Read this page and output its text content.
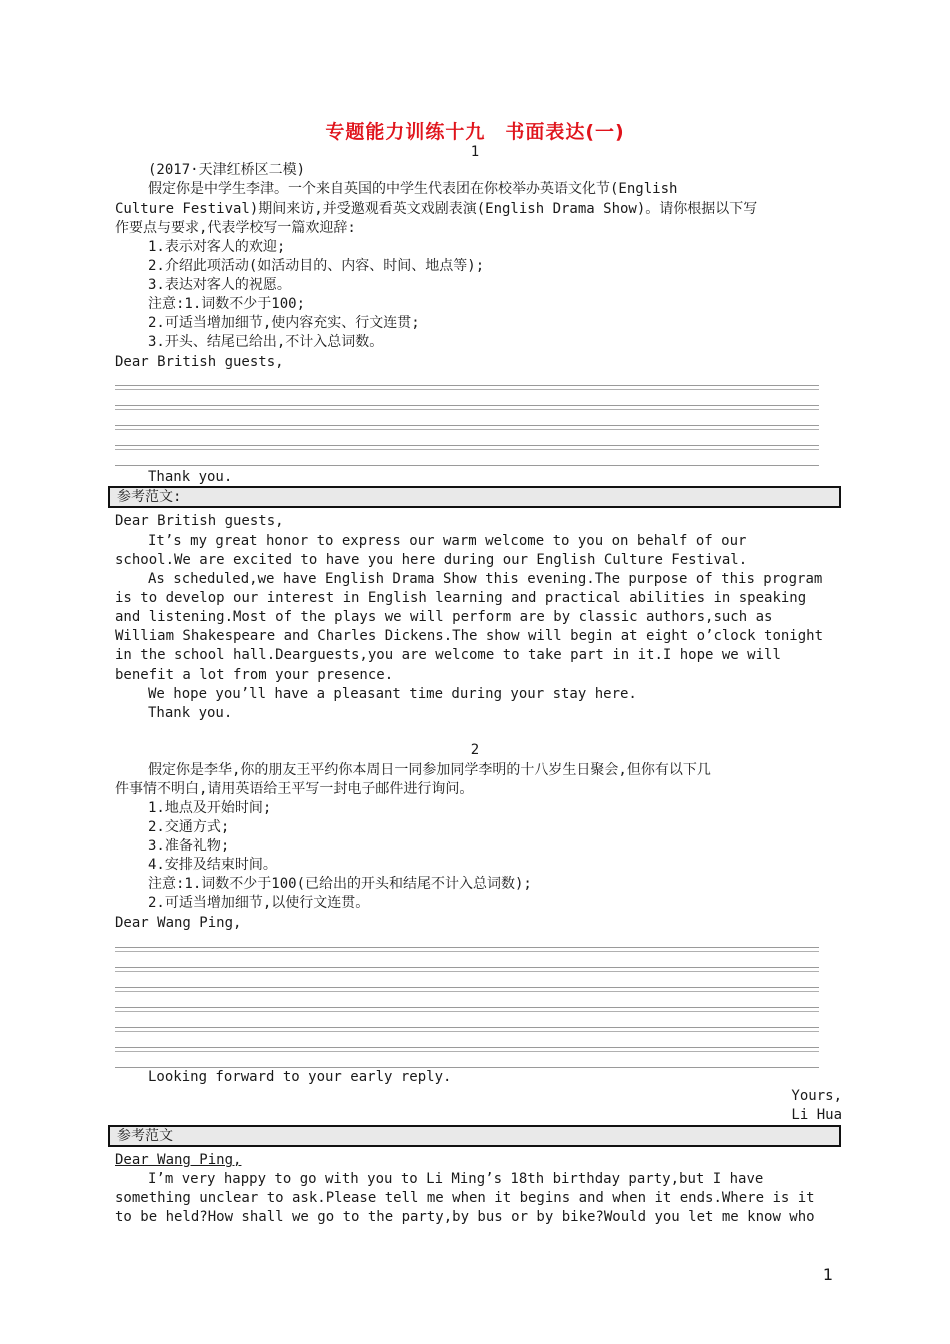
专题能力训练十九　书面表达(一)
1
(2017·天津红桥区二模)
假定你是中学生李津。一个来自英国的中学生代表团在你校举办英语文化节(English
Culture Festival)期间来访,并受邀观看英文戏剧表演(English Drama Show)。请你根据以下写
作要点与要求,代表学校写一篇欢迎辞:
1.表示对客人的欢迎;
2.介绍此项活动(如活动目的、内容、时间、地点等);
3.表达对客人的祝愿。
注意:1.词数不少于100;
2.可适当增加细节,使内容充实、行文连贯;
3.开头、结尾已给出,不计入总词数。
Dear British guests,
Thank you.
参考范文:
Dear British guests,
It’s my great honor to express our warm welcome to you on behalf of our
school.We are excited to have you here during our English Culture Festival.
As scheduled,we have English Drama Show this evening.The purpose of this program
is to develop our interest in English learning and practical abilities in speaking
and listening.Most of the plays we will perform are by classic authors,such as
William Shakespeare and Charles Dickens.The show will begin at eight o’clock tonight
in the school hall.Dearguests,you are welcome to take part in it.I hope we will
benefit a lot from your presence.
We hope you’ll have a pleasant time during your stay here.
Thank you.
2
假定你是李华,你的朋友王平约你本周日一同参加同学李明的十八岁生日聚会,但你有以下几
件事情不明白,请用英语给王平写一封电子邮件进行询问。
1.地点及开始时间;
2.交通方式;
3.准备礼物;
4.安排及结束时间。
注意:1.词数不少于100(已给出的开头和结尾不计入总词数);
2.可适当增加细节,以使行文连贯。
Dear Wang Ping,
Looking forward to your early reply.
Yours,
Li Hua
参考范文
Dear Wang Ping,
I’m very happy to go with you to Li Ming’s 18th birthday party,but I have
something unclear to ask.Please tell me when it begins and when it ends.Where is it
to be held?How shall we go to the party,by bus or by bike?Would you let me know who
1
